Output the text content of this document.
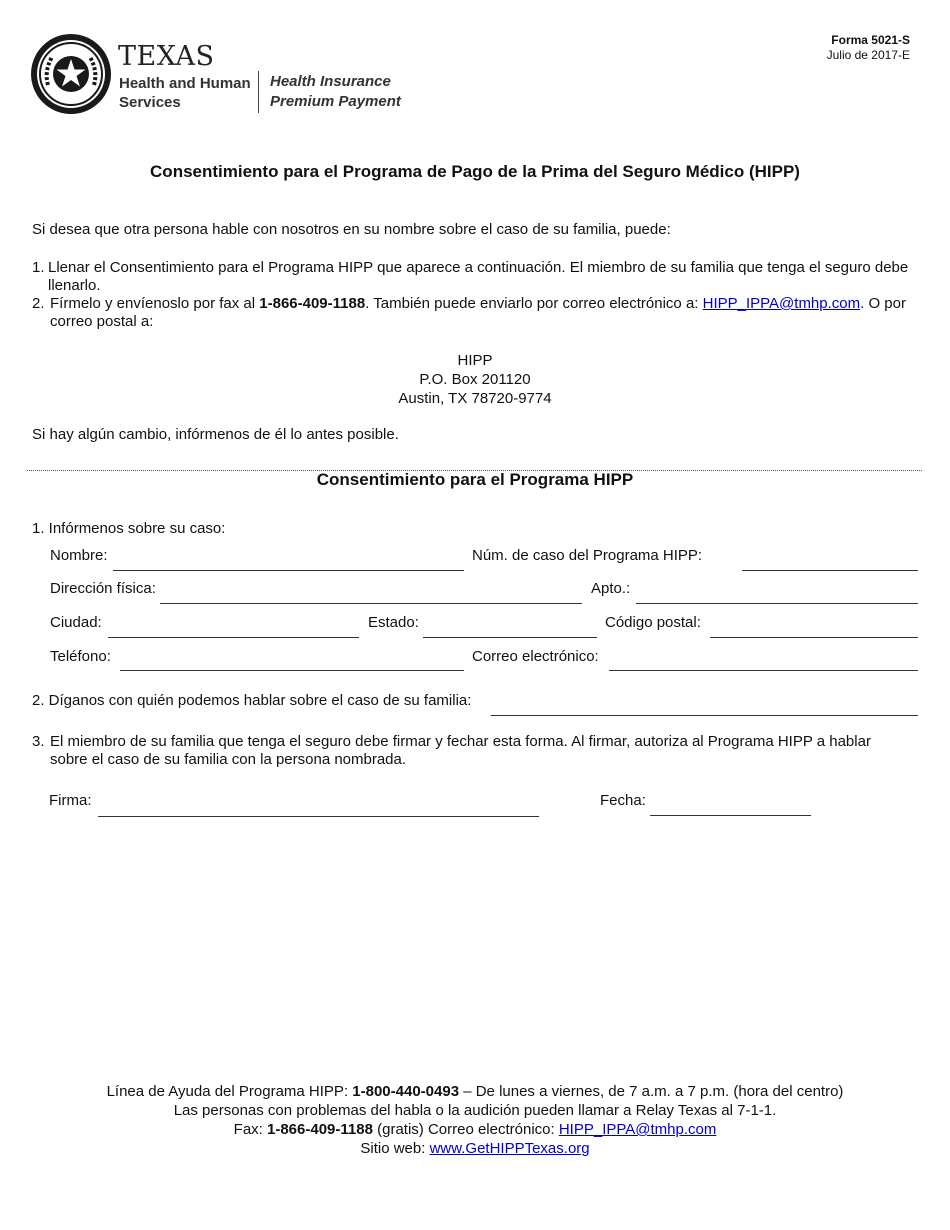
TEXAS
Health and Human
Services
Health Insurance
Premium Payment
Forma 5021-S
Julio de 2017-E
Consentimiento para el Programa de Pago de la Prima del Seguro Médico (HIPP)
Si desea que otra persona hable con nosotros en su nombre sobre el caso de su familia, puede:
1. Llenar el Consentimiento para el Programa HIPP que aparece a continuación. El miembro de su familia que tenga el seguro debe llenarlo.
2. Fírmelo y envíenoslo por fax al 1-866-409-1188. También puede enviarlo por correo electrónico a: HIPP_IPPA@tmhp.com. O por correo postal a:
HIPP
P.O. Box 201120
Austin, TX 78720-9774
Si hay algún cambio, infórmenos de él lo antes posible.
Consentimiento para el Programa HIPP
1. Infórmenos sobre su caso:
Nombre:	Núm. de caso del Programa HIPP:
Dirección física:	Apto.:
Ciudad:	Estado:	Código postal:
Teléfono:	Correo electrónico:
2. Díganos con quién podemos hablar sobre el caso de su familia:
3. El miembro de su familia que tenga el seguro debe firmar y fechar esta forma. Al firmar, autoriza al Programa HIPP a hablar sobre el caso de su familia con la persona nombrada.
Firma:	Fecha:
Línea de Ayuda del Programa HIPP: 1-800-440-0493 – De lunes a viernes, de 7 a.m. a 7 p.m. (hora del centro)
Las personas con problemas del habla o la audición pueden llamar a Relay Texas al 7-1-1.
Fax: 1-866-409-1188 (gratis) Correo electrónico: HIPP_IPPA@tmhp.com
Sitio web: www.GetHIPPTexas.org
